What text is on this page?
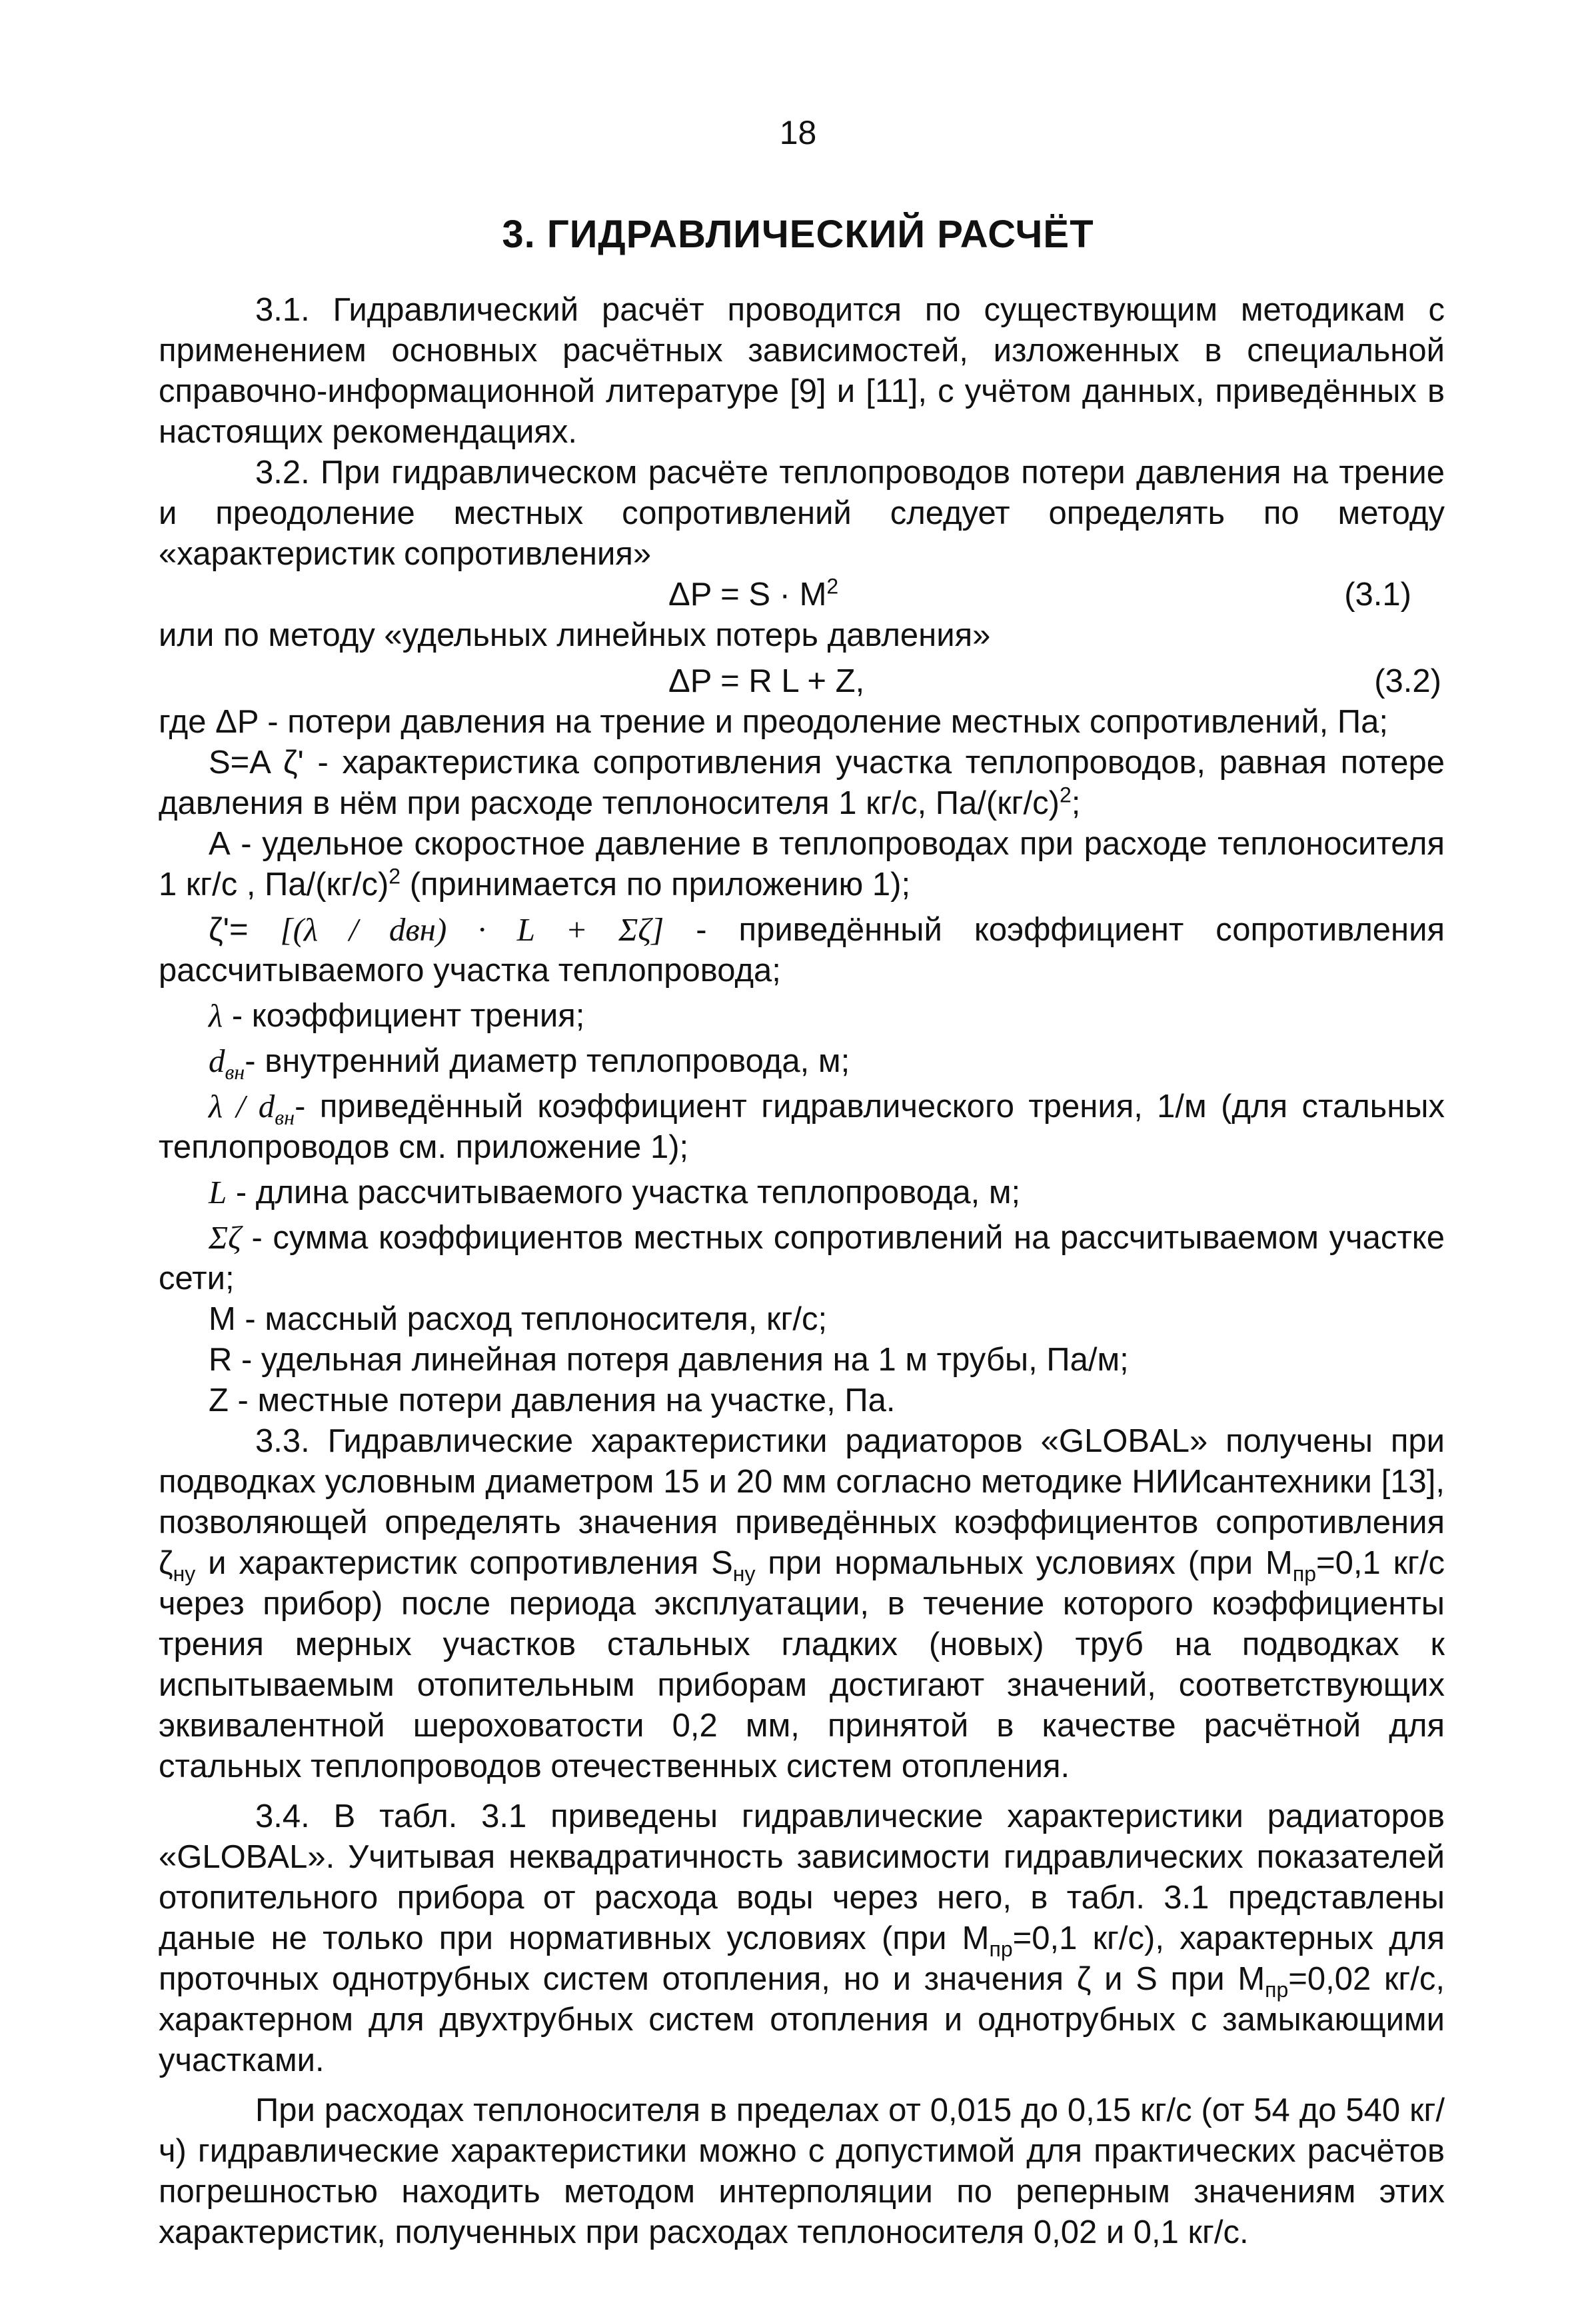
18
3. ГИДРАВЛИЧЕСКИЙ РАСЧЁТ

3.1. Гидравлический расчёт проводится по существующим методикам с применением основных расчётных зависимостей, изложенных в специальной справочно-информационной литературе [9] и [11], с учётом данных, приведённых в настоящих рекомендациях.

3.2. При гидравлическом расчёте теплопроводов потери давления на трение и преодоление местных сопротивлений следует определять по методу «характеристик сопротивления»

$\Delta P = S \cdot M^2$	(3.1)

или по методу «удельных линейных потерь давления»

ΔP = R L + Z,	(3.2)

где ΔP - потери давления на трение и преодоление местных сопротивлений, Па;

S=A ζ' - характеристика сопротивления участка теплопроводов, равная потере давления в нём при расходе теплоносителя 1 кг/с, $Па/(кг/с)^2$;

А - удельное скоростное давление в теплопроводах при расходе теплоносителя 1 кг/с , $Па/(кг/с)^2$ (принимается по приложению 1);

ζ'= [(λ / dвн) · L + Σζ] - приведённый коэффициент сопротивления рассчитываемого участка теплопровода;

λ - коэффициент трения;

$d_{вн}-$ внутренний диаметр теплопровода, м;

λ / $d_{вн}-$ приведённый коэффициент гидравлического трения, 1/м (для стальных теплопроводов см. приложение 1);

L - длина рассчитываемого участка теплопровода, м;

Σζ - сумма коэффициентов местных сопротивлений на рассчитываемом участке сети;

М - массный расход теплоносителя, кг/с;

R - удельная линейная потеря давления на 1 м трубы, Па/м;

Z - местные потери давления на участке, Па.

3.3. Гидравлические характеристики радиаторов «GLOBAL» получены при подводках условным диаметром 15 и 20 мм согласно методике НИИсантехники [13], позволяющей определять значения приведённых коэффициентов сопротивления $\zeta_{ну}$ и характеристик сопротивления $S_{ну}$ при нормальных условиях (при $M_{пр}=0,1$ кг/с через прибор) после периода эксплуатации, в течение которого коэффициенты трения мерных участков стальных гладких (новых) труб на подводках к испытываемым отопительным приборам достигают значений, соответствующих эквивалентной шероховатости 0,2 мм, принятой в качестве расчётной для стальных теплопроводов отечественных систем отопления.

3.4. В табл. 3.1 приведены гидравлические характеристики радиаторов «GLOBAL». Учитывая неквадратичность зависимости гидравлических показателей отопительного прибора от расхода воды через него, в табл. 3.1 представлены даные не только при нормативных условиях (при $M_{пр}=0,1$ кг/с), характерных для проточных однотрубных систем отопления, но и значения ζ и S при $M_{пр}=0,02$ кг/с, характерном для двухтрубных систем отопления и однотрубных с замыкающими участками.

При расходах теплоносителя в пределах от 0,015 до 0,15 кг/с (от 54 до 540 кг/ч) гидравлические характеристики можно с допустимой для практических расчётов погрешностью находить методом интерполяции по реперным значениям этих характеристик, полученных при расходах теплоносителя 0,02 и 0,1 кг/с.
